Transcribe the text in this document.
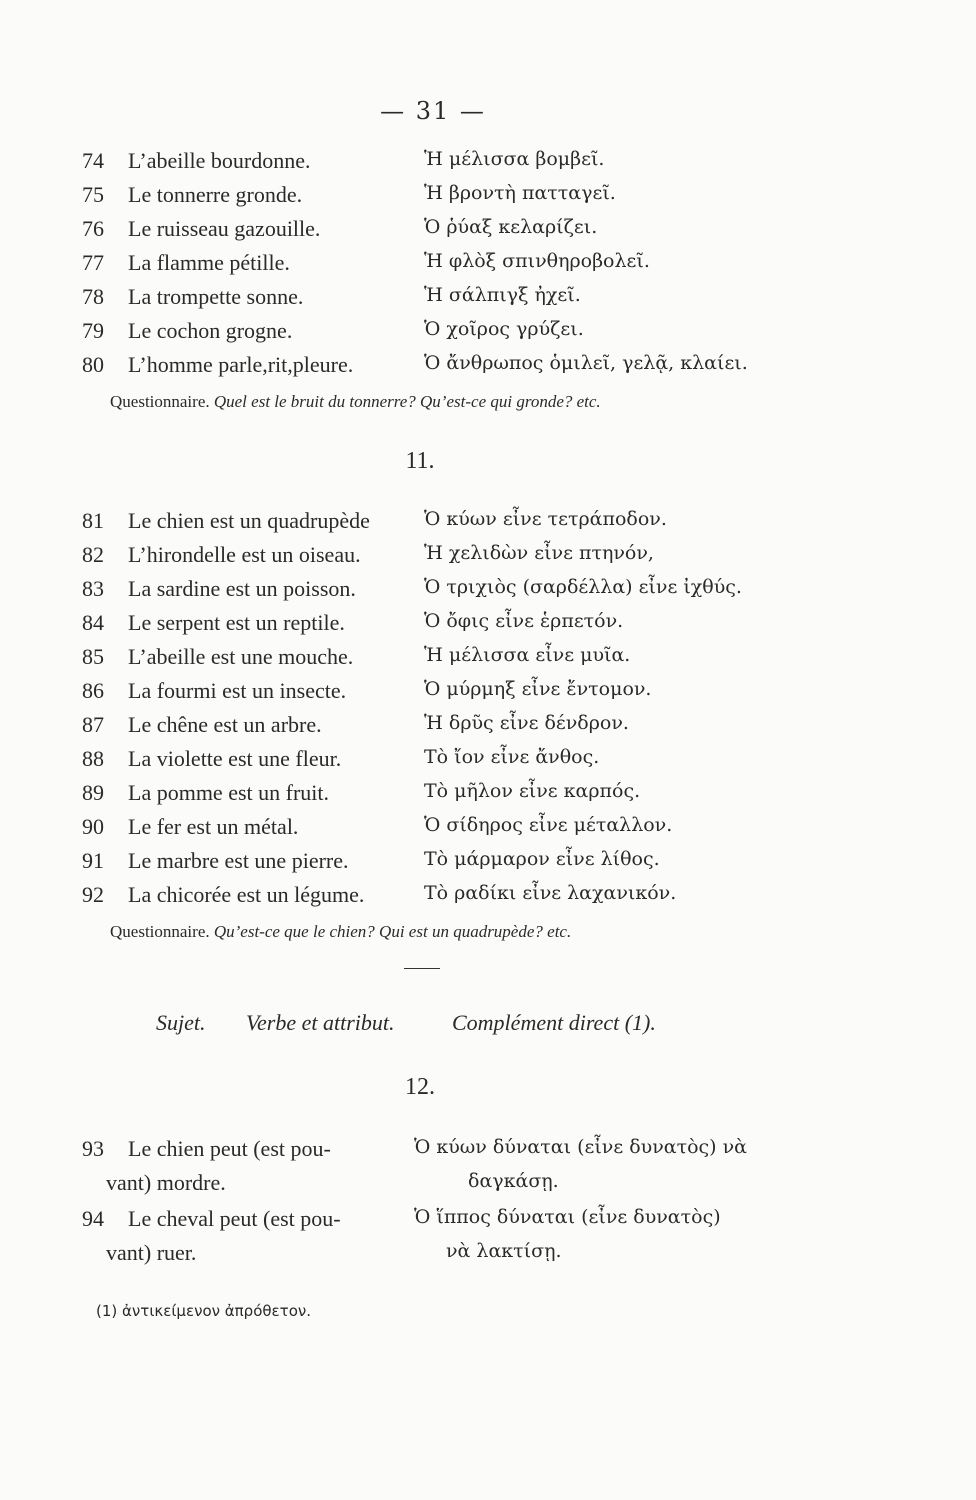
— 31 —
74	L’abeille bourdonne.	Ἡ μέλισσα βομβεῖ.
75	Le tonnerre gronde.	Ἡ βροντὴ πατταγεῖ.
76	Le ruisseau gazouille.	Ὁ ῥύαξ κελαρίζει.
77	La flamme pétille.	Ἡ φλὸξ σπινθηροβολεῖ.
78	La trompette sonne.	Ἡ σάλπιγξ ἠχεῖ.
79	Le cochon grogne.	Ὁ χοῖρος γρύζει.
80	L’homme parle,rit,pleure.	Ὁ ἄνθρωπος ὁμιλεῖ, γελᾷ, κλαίει.
Questionnaire. Quel est le bruit du tonnerre? Qu’est-ce qui gronde? etc.
11.
81	Le chien est un quadrupède	Ὁ κύων εἶνε τετράποδον.
82	L’hirondelle est un oiseau.	Ἡ χελιδὼν εἶνε πτηνόν,
83	La sardine est un poisson.	Ὁ τριχιὸς (σαρδέλλα) εἶνε ἰχθύς.
84	Le serpent est un reptile.	Ὁ ὄφις εἶνε ἑρπετόν.
85	L’abeille est une mouche.	Ἡ μέλισσα εἶνε μυῖα.
86	La fourmi est un insecte.	Ὁ μύρμηξ εἶνε ἔντομον.
87	Le chêne est un arbre.	Ἡ δρῦς εἶνε δένδρον.
88	La violette est une fleur.	Τὸ ἴον εἶνε ἄνθος.
89	La pomme est un fruit.	Τὸ μῆλον εἶνε καρπός.
90	Le fer est un métal.	Ὁ σίδηρος εἶνε μέταλλον.
91	Le marbre est une pierre.	Τὸ μάρμαρον εἶνε λίθος.
92	La chicorée est un légume.	Τὸ ραδίκι εἶνε λαχανικόν.
Questionnaire. Qu’est-ce que le chien? Qui est un quadrupède? etc.
Sujet. Verbe et attribut.	Complément direct (1).
12.
93	Le chien peut (est pou-	Ὁ κύων δύναται (εἶνε δυνατὸς) νὰ
vant) mordre.	δαγκάσῃ.
94	Le cheval peut (est pou-	Ὁ ἵππος δύναται (εἶνε δυνατὸς)
vant) ruer.	νὰ λακτίσῃ.
(1) ἀντικείμενον ἀπρόθετον.
